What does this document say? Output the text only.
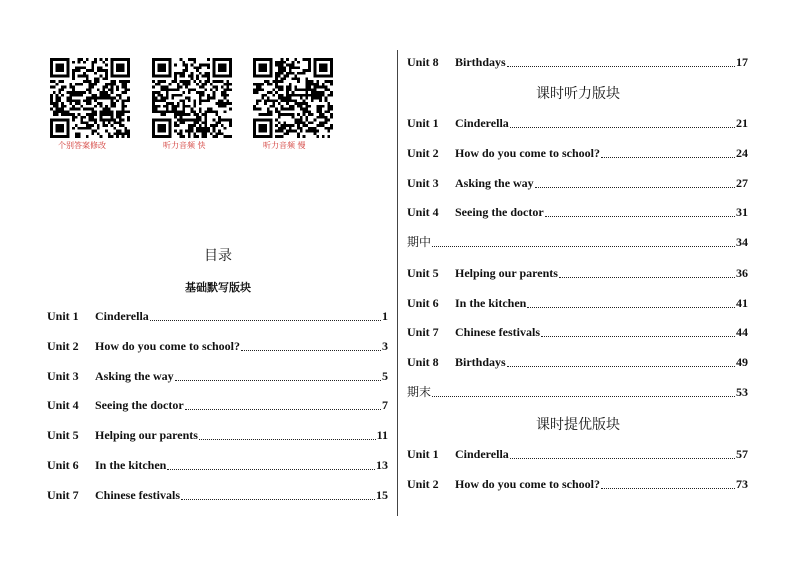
个别答案修改	听力音频 快	听力音频 慢
目录
基础默写版块
课时听力版块
课时提优版块
Unit 1	Cinderella	1
Unit 2	How do you come to school?	3
Unit 3	Asking the way	5
Unit 4	Seeing the doctor	7
Unit 5	Helping our parents	11
Unit 6	In the kitchen	13
Unit 7	Chinese festivals	15
Unit 8	Birthdays	17
Unit 1	Cinderella	21
Unit 2	How do you come to school?	24
Unit 3	Asking the way	27
Unit 4	Seeing the doctor	31
期中	34
Unit 5	Helping our parents	36
Unit 6	In the kitchen	41
Unit 7	Chinese festivals	44
Unit 8	Birthdays	49
期末	53
Unit 1	Cinderella	57
Unit 2	How do you come to school?	73
